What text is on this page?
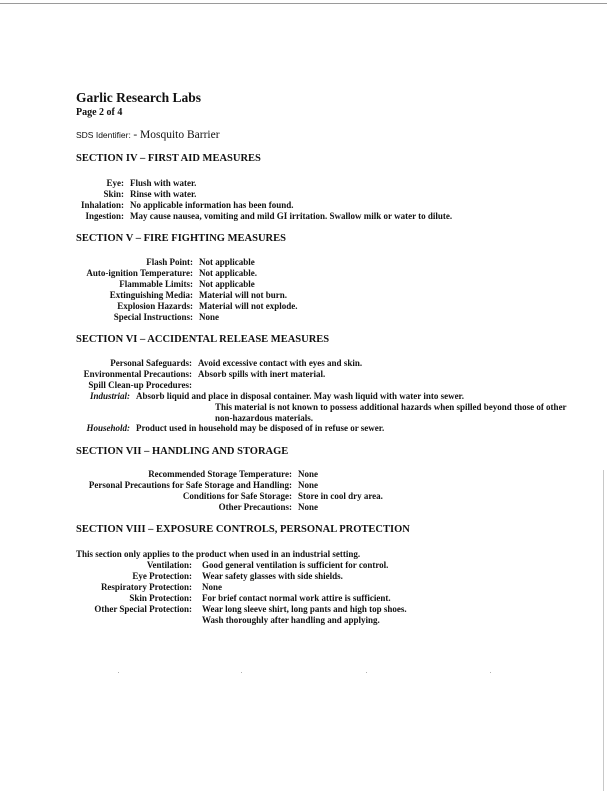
Garlic Research Labs
Page 2 of 4
SDS Identifier: - Mosquito Barrier
SECTION IV – FIRST AID MEASURES
Eye: Flush with water.
Skin: Rinse with water.
Inhalation: No applicable information has been found.
Ingestion: May cause nausea, vomiting and mild GI irritation. Swallow milk or water to dilute.
SECTION V – FIRE FIGHTING MEASURES
Flash Point: Not applicable
Auto-ignition Temperature: Not applicable.
Flammable Limits: Not applicable
Extinguishing Media: Material will not burn.
Explosion Hazards: Material will not explode.
Special Instructions: None
SECTION VI – ACCIDENTAL RELEASE MEASURES
Personal Safeguards: Avoid excessive contact with eyes and skin.
Environmental Precautions: Absorb spills with inert material.
Spill Clean-up Procedures:
Industrial: Absorb liquid and place in disposal container. May wash liquid with water into sewer.
This material is not known to possess additional hazards when spilled beyond those of other
non-hazardous materials.
Household: Product used in household may be disposed of in refuse or sewer.
SECTION VII – HANDLING AND STORAGE
Recommended Storage Temperature: None
Personal Precautions for Safe Storage and Handling: None
Conditions for Safe Storage: Store in cool dry area.
Other Precautions: None
SECTION VIII – EXPOSURE CONTROLS, PERSONAL PROTECTION
This section only applies to the product when used in an industrial setting.
Ventilation:	Good general ventilation is sufficient for control.
Eye Protection:	Wear safety glasses with side shields.
Respiratory Protection:	None
Skin Protection:	For brief contact normal work attire is sufficient.
Other Special Protection:	Wear long sleeve shirt, long pants and high top shoes.
Wash thoroughly after handling and applying.
